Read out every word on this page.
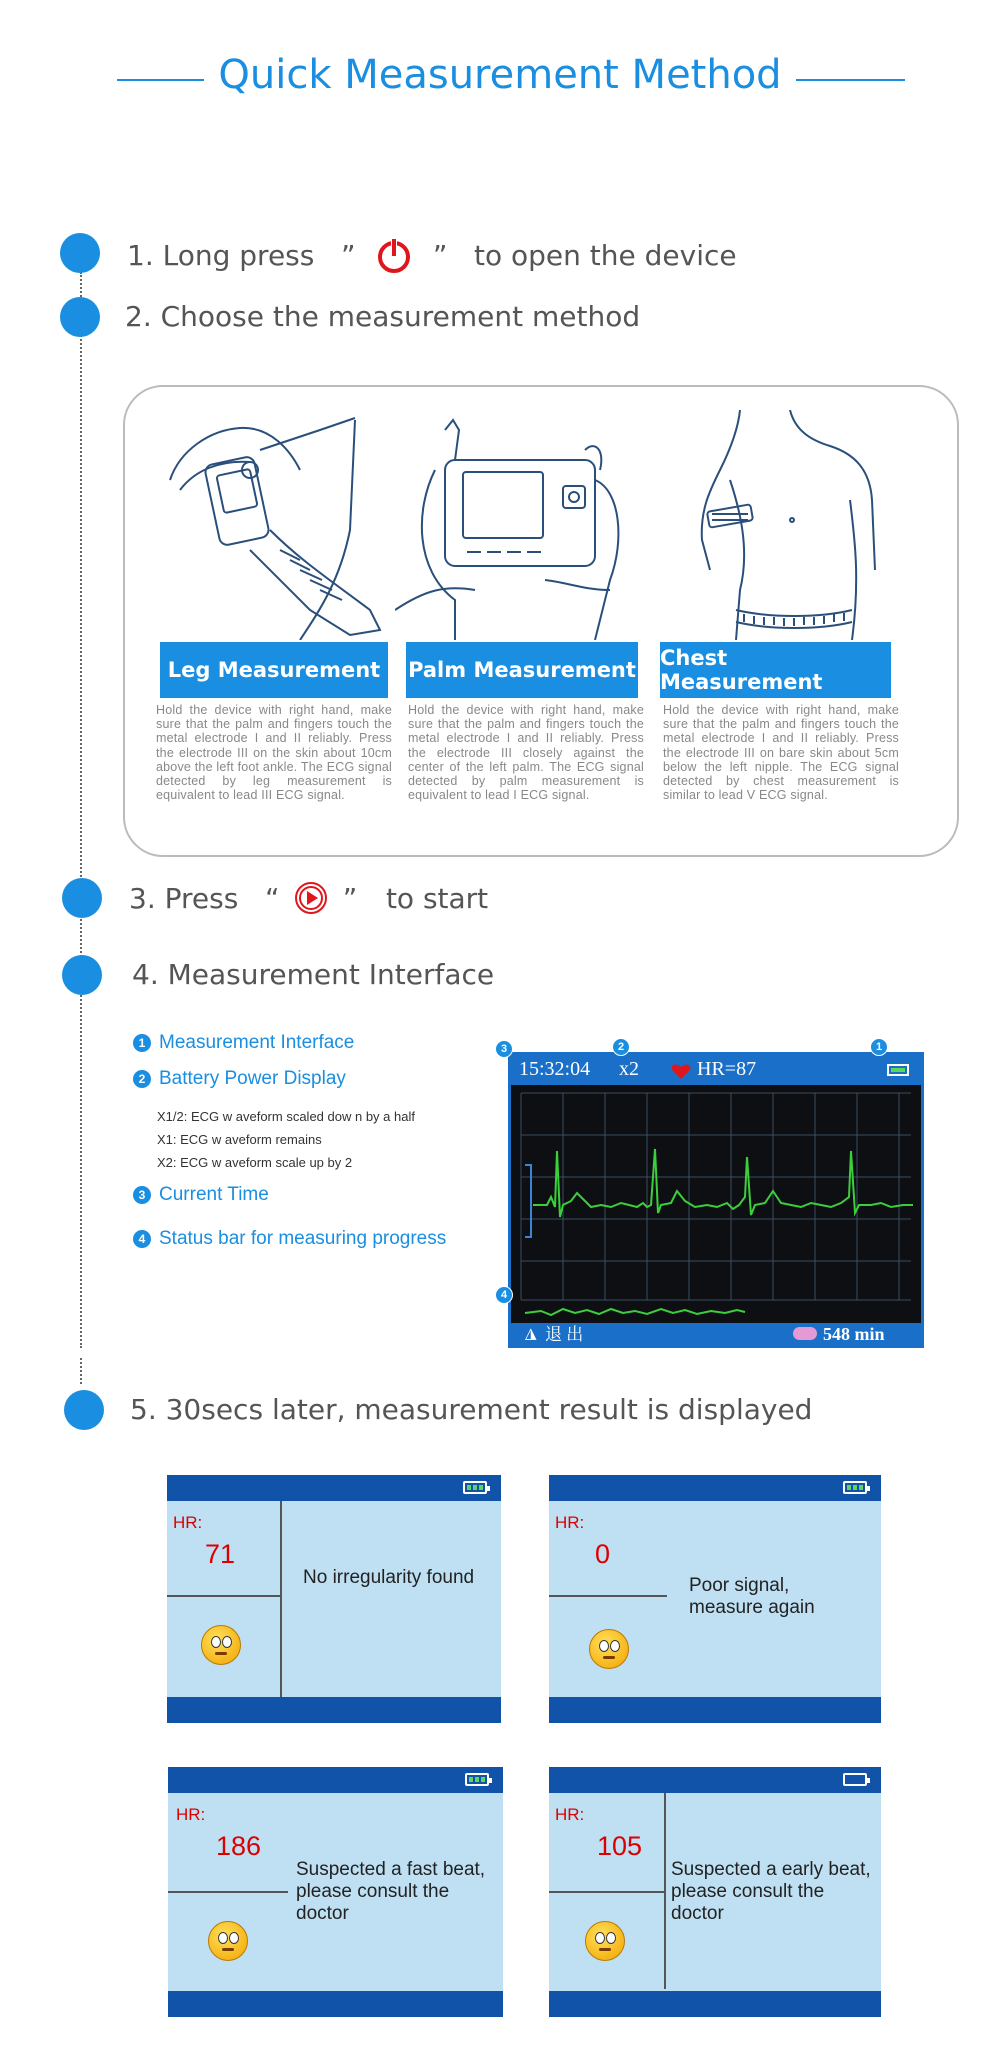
Quick Measurement Method
1. Long press ”	” to open the device
2. Choose the measurement method
Leg Measurement	Palm Measurement Chest Measurement
Hold the device with right hand, make sure that the palm and fingers touch the metal electrode I and II reliably. Press the electrode III on the skin about 10cm above the left foot ankle. The ECG signal detected by leg measurement is equivalent to lead III ECG signal.
Hold the device with right hand, make sure that the palm and fingers touch the metal electrode I and II reliably. Press the electrode III closely against the center of the left palm. The ECG signal detected by palm measurement is equivalent to lead I ECG signal.
Hold the device with right hand, make sure that the palm and fingers touch the metal electrode I and II reliably. Press the electrode III on bare skin about 5cm below the left nipple. The ECG signal detected by chest measurement is similar to lead V ECG signal.
3. Press “ ” to start
4. Measurement Interface
1 Measurement Interface
2 Battery Power Display
X1/2: ECG w aveform scaled dow n by a half
X1: ECG w aveform remains
X2: ECG w aveform scale up by 2
3 Current Time
4 Status bar for measuring progress
15:32:04 x2	HR=87
◮ 退 出	548 min
3	2	1
4
5. 30secs later, measurement result is displayed
HR:
71
No irregularity found
HR:
0
Poor signal, measure again
HR:
186
Suspected a fast beat, please consult the doctor
HR:
105
Suspected a early beat, please consult the doctor
